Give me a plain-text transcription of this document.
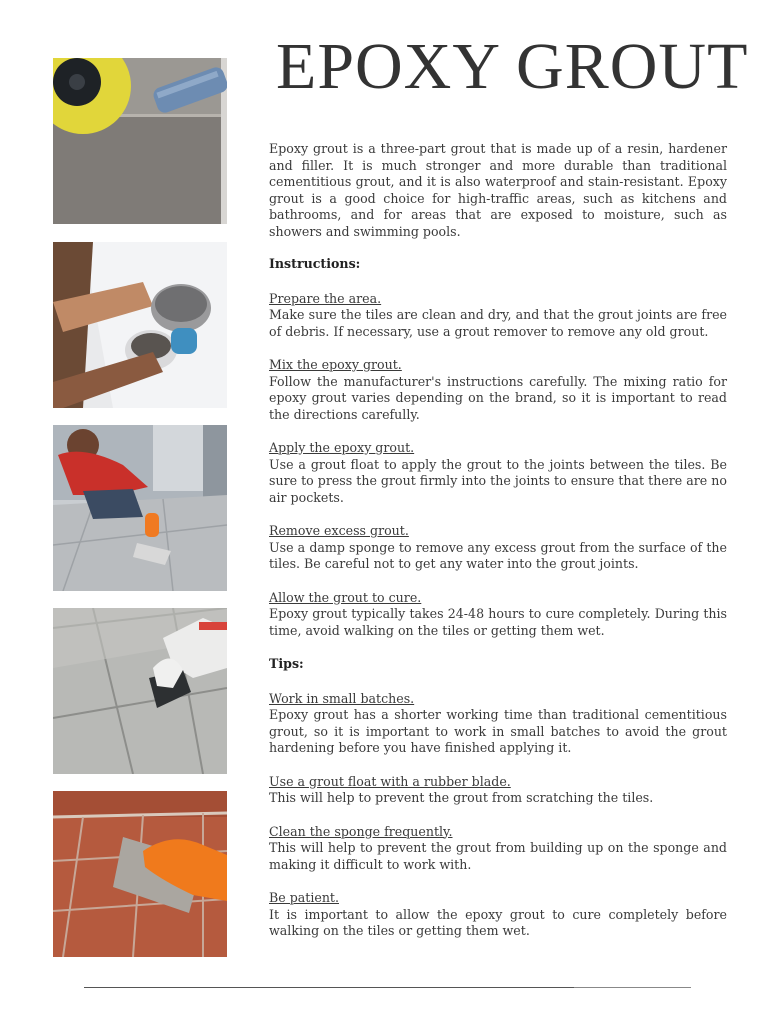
EPOXY GROUT

Epoxy grout is a three-part grout that is made up of a resin, hardener and filler. It is much stronger and more durable than traditional cementitious grout, and it is also waterproof and stain-resistant. Epoxy grout is a good choice for high-traffic areas, such as kitchens and bathrooms, and for areas that are exposed to moisture, such as showers and swimming pools.

Instructions:

Prepare the area.
Make sure the tiles are clean and dry, and that the grout joints are free of debris. If necessary, use a grout remover to remove any old grout.
Mix the epoxy grout.
Follow the manufacturer's instructions carefully. The mixing ratio for epoxy grout varies depending on the brand, so it is important to read the directions carefully.
Apply the epoxy grout.
Use a grout float to apply the grout to the joints between the tiles. Be sure to press the grout firmly into the joints to ensure that there are no air pockets.
Remove excess grout.
Use a damp sponge to remove any excess grout from the surface of the tiles. Be careful not to get any water into the grout joints.
Allow the grout to cure.
Epoxy grout typically takes 24-48 hours to cure completely. During this time, avoid walking on the tiles or getting them wet.

Tips:

Work in small batches.
Epoxy grout has a shorter working time than traditional cementitious grout, so it is important to work in small batches to avoid the grout hardening before you have finished applying it.
Use a grout float with a rubber blade.
This will help to prevent the grout from scratching the tiles.
Clean the sponge frequently.
This will help to prevent the grout from building up on the sponge and making it difficult to work with.
Be patient.
It is important to allow the epoxy grout to cure completely before walking on the tiles or getting them wet.
